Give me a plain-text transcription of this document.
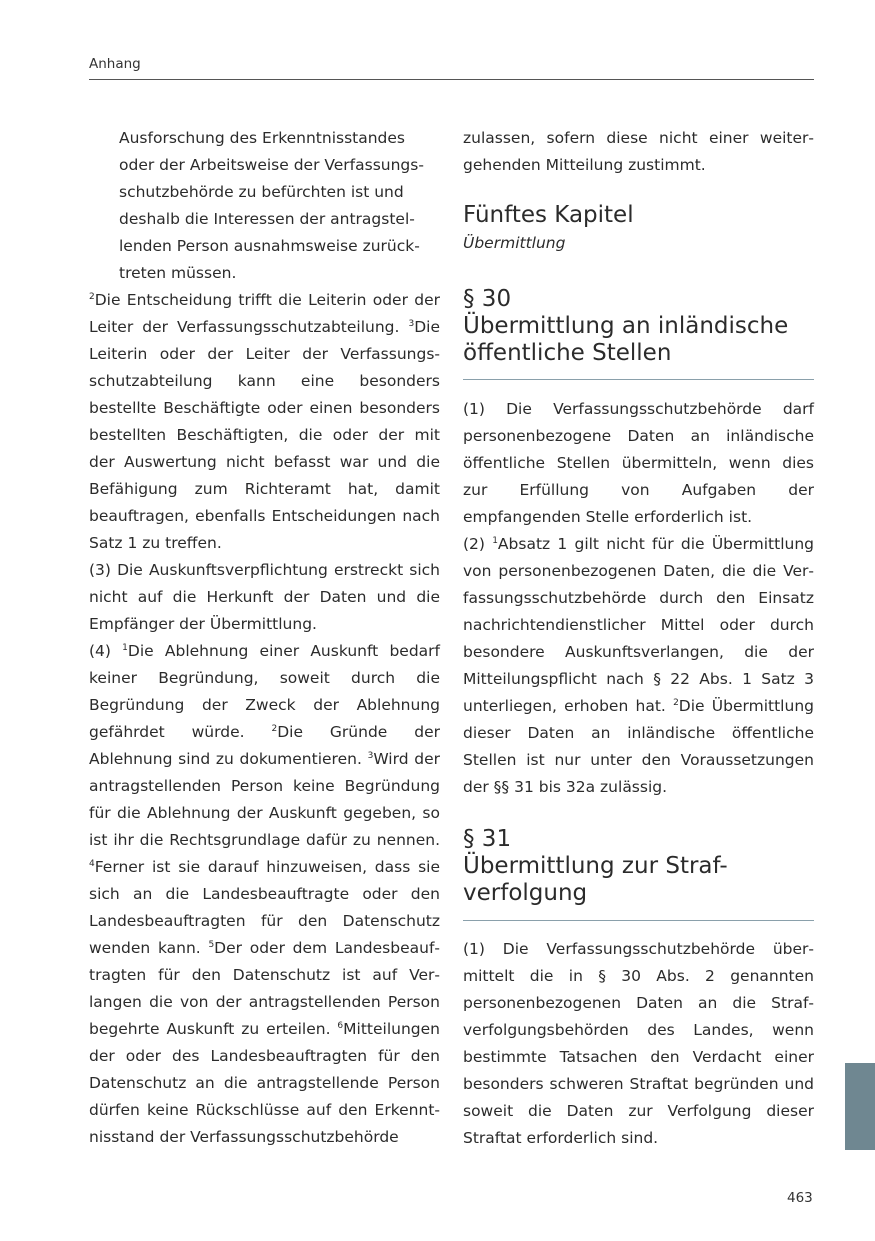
Anhang

Ausforschung des Erkenntnisstandes
oder der Arbeitsweise der Verfassungs-
schutzbehörde zu befürchten ist und
deshalb die Interessen der antragstel-
lenden Person ausnahmsweise zurück-
treten müssen.

$^2$Die Entscheidung trifft die Leiterin oder der Leiter der Verfassungsschutzabteilung. $^3$Die Leiterin oder der Leiter der Verfassungsschutzabteilung kann eine besonders bestellte Beschäftigte oder einen besonders bestellten Beschäftigten, die oder der mit der Auswertung nicht befasst war und die Befähigung zum Richteramt hat, damit beauftragen, ebenfalls Entscheidungen nach Satz 1 zu treffen.

(3) Die Auskunftsverpflichtung erstreckt sich nicht auf die Herkunft der Daten und die Empfänger der Übermittlung.

(4) $^1$Die Ablehnung einer Auskunft bedarf keiner Begründung, soweit durch die Begründung der Zweck der Ablehnung gefährdet würde. $^2$Die Gründe der Ablehnung sind zu dokumentieren. $^3$Wird der antragstellenden Person keine Begründung für die Ablehnung der Auskunft gegeben, so ist ihr die Rechtsgrundlage dafür zu nennen. $^4$Ferner ist sie darauf hinzuweisen, dass sie sich an die Landesbeauftragte oder den Landesbeauftragten für den Datenschutz wenden kann. $^5$Der oder dem Landesbeauftragten für den Datenschutz ist auf Verlangen die von der antragstellenden Person begehrte Auskunft zu erteilen. $^6$Mitteilungen der oder des Landesbeauftragten für den Datenschutz an die antragstellende Person dürfen keine Rückschlüsse auf den Erkenntnisstand der Verfassungsschutzbehörde

zulassen, sofern diese nicht einer weitergehenden Mitteilung zustimmt.

Fünftes Kapitel
Übermittlung
§ 30
Übermittlung an inländische
öffentliche Stellen

(1) Die Verfassungsschutzbehörde darf personenbezogene Daten an inländische öffentliche Stellen übermitteln, wenn dies zur Erfüllung von Aufgaben der empfangenden Stelle erforderlich ist.

(2) $^1$Absatz 1 gilt nicht für die Übermittlung von personenbezogenen Daten, die die Verfassungsschutzbehörde durch den Einsatz nachrichtendienstlicher Mittel oder durch besondere Auskunftsverlangen, die der Mitteilungspflicht nach § 22 Abs. 1 Satz 3 unterliegen, erhoben hat. $^2$Die Übermittlung dieser Daten an inländische öffentliche Stellen ist nur unter den Voraussetzungen der §§ 31 bis 32a zulässig.

§ 31
Übermittlung zur Straf-
verfolgung

(1) Die Verfassungsschutzbehörde übermittelt die in § 30 Abs. 2 genannten personenbezogenen Daten an die Strafverfolgungsbehörden des Landes, wenn bestimmte Tatsachen den Verdacht einer besonders schweren Straftat begründen und soweit die Daten zur Verfolgung dieser Straftat erforderlich sind.

463
